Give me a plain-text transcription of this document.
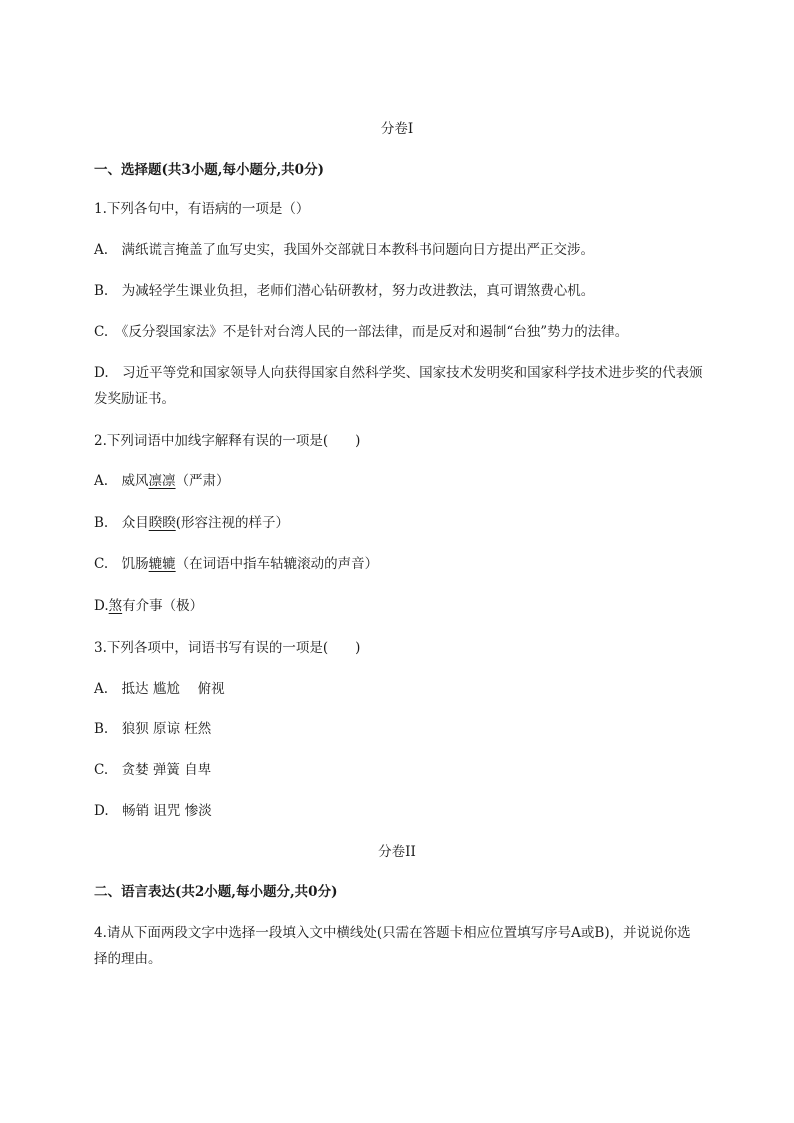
分卷I
一、选择题(共3小题,每小题分,共0分)
1.下列各句中，有语病的一项是（）
A.　满纸谎言掩盖了血写史实，我国外交部就日本教科书问题向日方提出严正交涉。
B.　为减轻学生课业负担，老师们潜心钻研教材，努力改进教法，真可谓煞费心机。
C.　《反分裂国家法》不是针对台湾人民的一部法律，而是反对和遏制“台独”势力的法律。
D.　习近平等党和国家领导人向获得国家自然科学奖、国家技术发明奖和国家科学技术进步奖的代表颁发奖励证书。
2.下列词语中加线字解释有误的一项是(　　)
A.　威风凛凛（严肃）
B.　众目睽睽(形容注视的样子）
C.　饥肠辘辘（在词语中指车轱辘滚动的声音）
D.煞有介事（极）
3.下列各项中，词语书写有误的一项是(　　)
A.　抵达 尴尬　 俯视
B.　狼狈 原谅 枉然
C.　贪婪 弹簧 自卑
D.　畅销 诅咒 惨淡
分卷II
二、语言表达(共2小题,每小题分,共0分)
4.请从下面两段文字中选择一段填入文中横线处(只需在答题卡相应位置填写序号A或B)，并说说你选择的理由。
